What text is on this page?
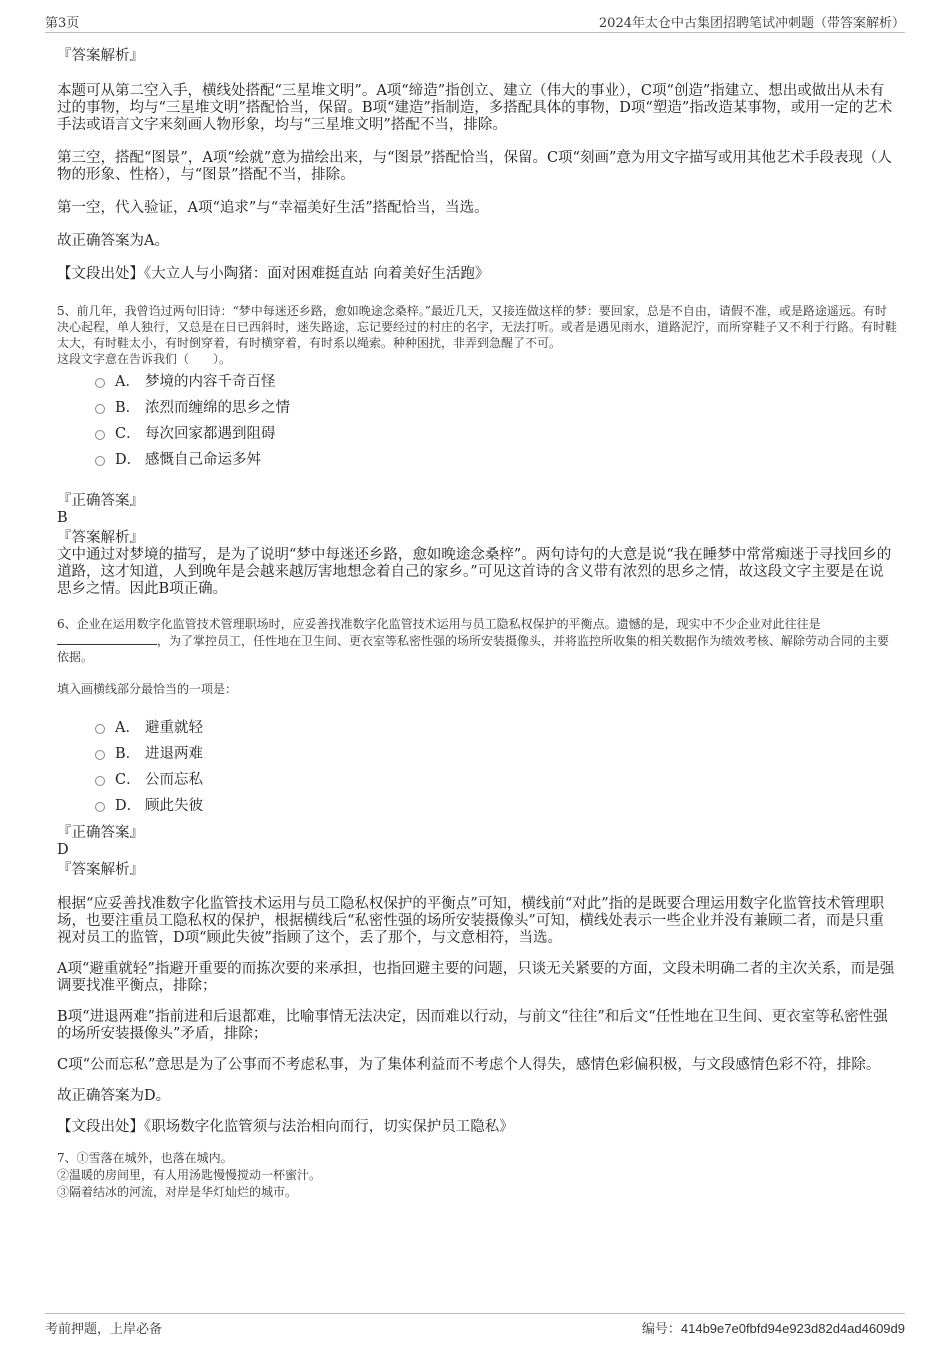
第3页	2024年太仓中古集团招聘笔试冲刺题（带答案解析）

『答案解析』

本题可从第二空入手，横线处搭配“三星堆文明”。A项“缔造”指创立、建立（伟大的事业），C项“创造”指建立、想出或做出从未有过的事物，均与“三星堆文明”搭配恰当，保留。B项“建造”指制造，多搭配具体的事物，D项“塑造”指改造某事物，或用一定的艺术手法或语言文字来刻画人物形象，均与“三星堆文明”搭配不当，排除。

第三空，搭配“图景”，A项“绘就”意为描绘出来，与“图景”搭配恰当，保留。C项“刻画”意为用文字描写或用其他艺术手段表现（人物的形象、性格），与“图景”搭配不当，排除。

第一空，代入验证，A项“追求”与“幸福美好生活”搭配恰当，当选。

故正确答案为A。

【文段出处】《大立人与小陶猪：面对困难挺直站 向着美好生活跑》

5、前几年，我曾诌过两句旧诗：“梦中每迷还乡路，愈如晚途念桑梓。”最近几天，又接连做这样的梦：要回家，总是不自由，请假不准，或是路途遥远。有时决心起程，单人独行，又总是在日已西斜时，迷失路途，忘记要经过的村庄的名字，无法打听。或者是遇见雨水，道路泥泞，而所穿鞋子又不利于行路。有时鞋太大，有时鞋太小，有时倒穿着，有时横穿着，有时系以绳索。种种困扰，非弄到急醒了不可。

这段文字意在告诉我们（　　）。

A． 梦境的内容千奇百怪
B． 浓烈而缠绵的思乡之情
C． 每次回家都遇到阻碍
D． 感慨自己命运多舛

『正确答案』

B

『答案解析』

文中通过对梦境的描写，是为了说明“梦中每迷还乡路，愈如晚途念桑梓”。两句诗句的大意是说“我在睡梦中常常痴迷于寻找回乡的道路，这才知道，人到晚年是会越来越厉害地想念着自己的家乡。”可见这首诗的含义带有浓烈的思乡之情，故这段文字主要是在说思乡之情。因此B项正确。

6、企业在运用数字化监管技术管理职场时，应妥善找准数字化监管技术运用与员工隐私权保护的平衡点。遗憾的是，现实中不少企业对此往往是，为了掌控员工，任性地在卫生间、更衣室等私密性强的场所安装摄像头，并将监控所收集的相关数据作为绩效考核、解除劳动合同的主要依据。

填入画横线部分最恰当的一项是：

A． 避重就轻
B． 进退两难
C． 公而忘私
D． 顾此失彼

『正确答案』

D

『答案解析』

根据“应妥善找准数字化监管技术运用与员工隐私权保护的平衡点”可知，横线前“对此”指的是既要合理运用数字化监管技术管理职场，也要注重员工隐私权的保护，根据横线后“私密性强的场所安装摄像头”可知，横线处表示一些企业并没有兼顾二者，而是只重视对员工的监管，D项“顾此失彼”指顾了这个，丢了那个，与文意相符，当选。

A项“避重就轻”指避开重要的而拣次要的来承担，也指回避主要的问题，只谈无关紧要的方面，文段未明确二者的主次关系，而是强调要找准平衡点，排除；

B项“进退两难”指前进和后退都难，比喻事情无法决定，因而难以行动，与前文“往往”和后文“任性地在卫生间、更衣室等私密性强的场所安装摄像头”矛盾，排除；

C项“公而忘私”意思是为了公事而不考虑私事，为了集体利益而不考虑个人得失，感情色彩偏积极，与文段感情色彩不符，排除。

故正确答案为D。

【文段出处】《职场数字化监管须与法治相向而行，切实保护员工隐私》

7、①雪落在城外，也落在城内。

②温暖的房间里，有人用汤匙慢慢搅动一杯蜜汁。

③隔着结冰的河流，对岸是华灯灿烂的城市。

考前押题，上岸必备	编号：414b9e7e0fbfd94e923d82d4ad4609d9
